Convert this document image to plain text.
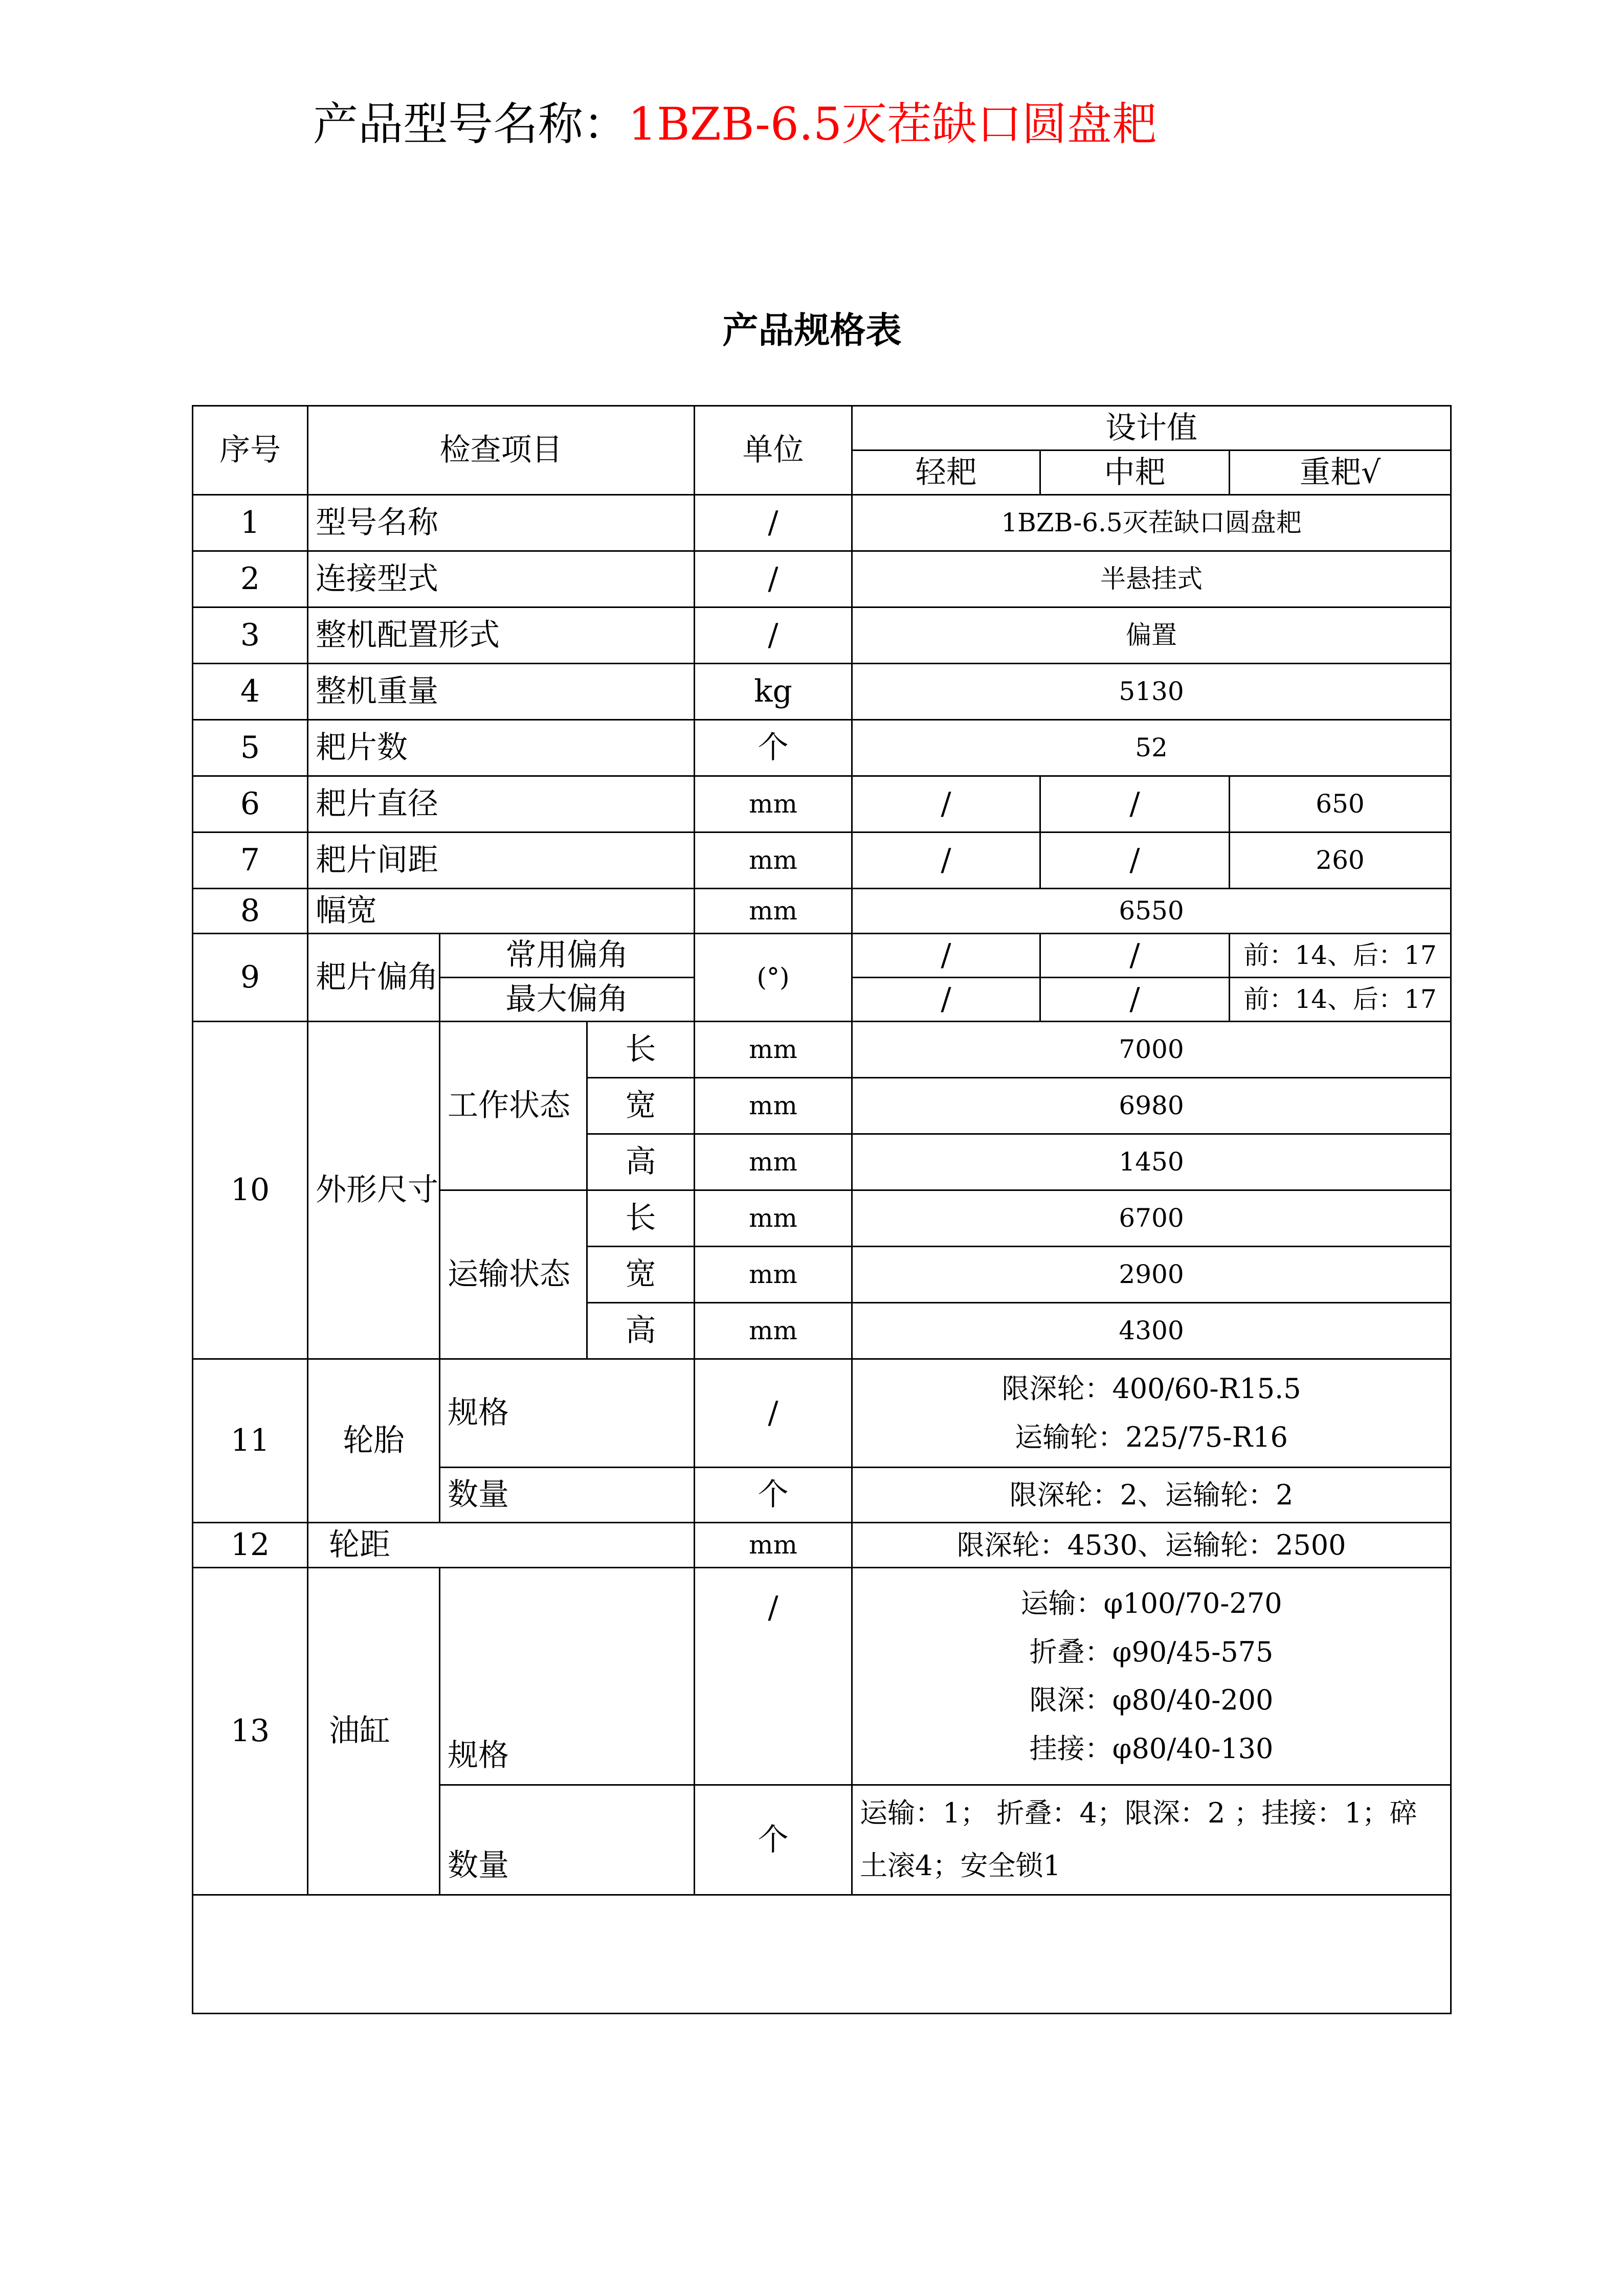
产品型号名称：1BZB-6.5灭茬缺口圆盘耙
产品规格表
序号	检查项目			单位	设计值		
					轻耙	中耙	重耙√
1	型号名称			/	1BZB-6.5灭茬缺口圆盘耙		
2	连接型式			/	半悬挂式		
3	整机配置形式			/	偏置		
4	整机重量			kg	5130		
5	耙片数			个	52		
6	耙片直径			mm	/	/	650
7	耙片间距			mm	/	/	260
8	幅宽			mm	6550		
9	耙片偏角	常用偏角		(°)	/	/	前：14、后：17
		最大偏角			/	/	前：14、后：17
10	外形尺寸	工作状态	长	mm	7000		
			宽	mm	6980		
			高	mm	1450		
		运输状态	长	mm	6700		
			宽	mm	2900		
			高	mm	4300		
11	轮胎	规格		/	限深轮：400/60-R15.5
运输轮：225/75-R16		

		数量		个	限深轮：2、运输轮：2		
12	轮距			mm	限深轮：4530、运输轮：2500		
13	油缸	规格		/	运输：φ100/70-270
折叠：φ90/45-575
限深：φ80/40-200
挂接：φ80/40-130		

		数量		个	运输：1； 折叠：4；限深：2 ；挂接：1；碎土滚4；安全锁1		
